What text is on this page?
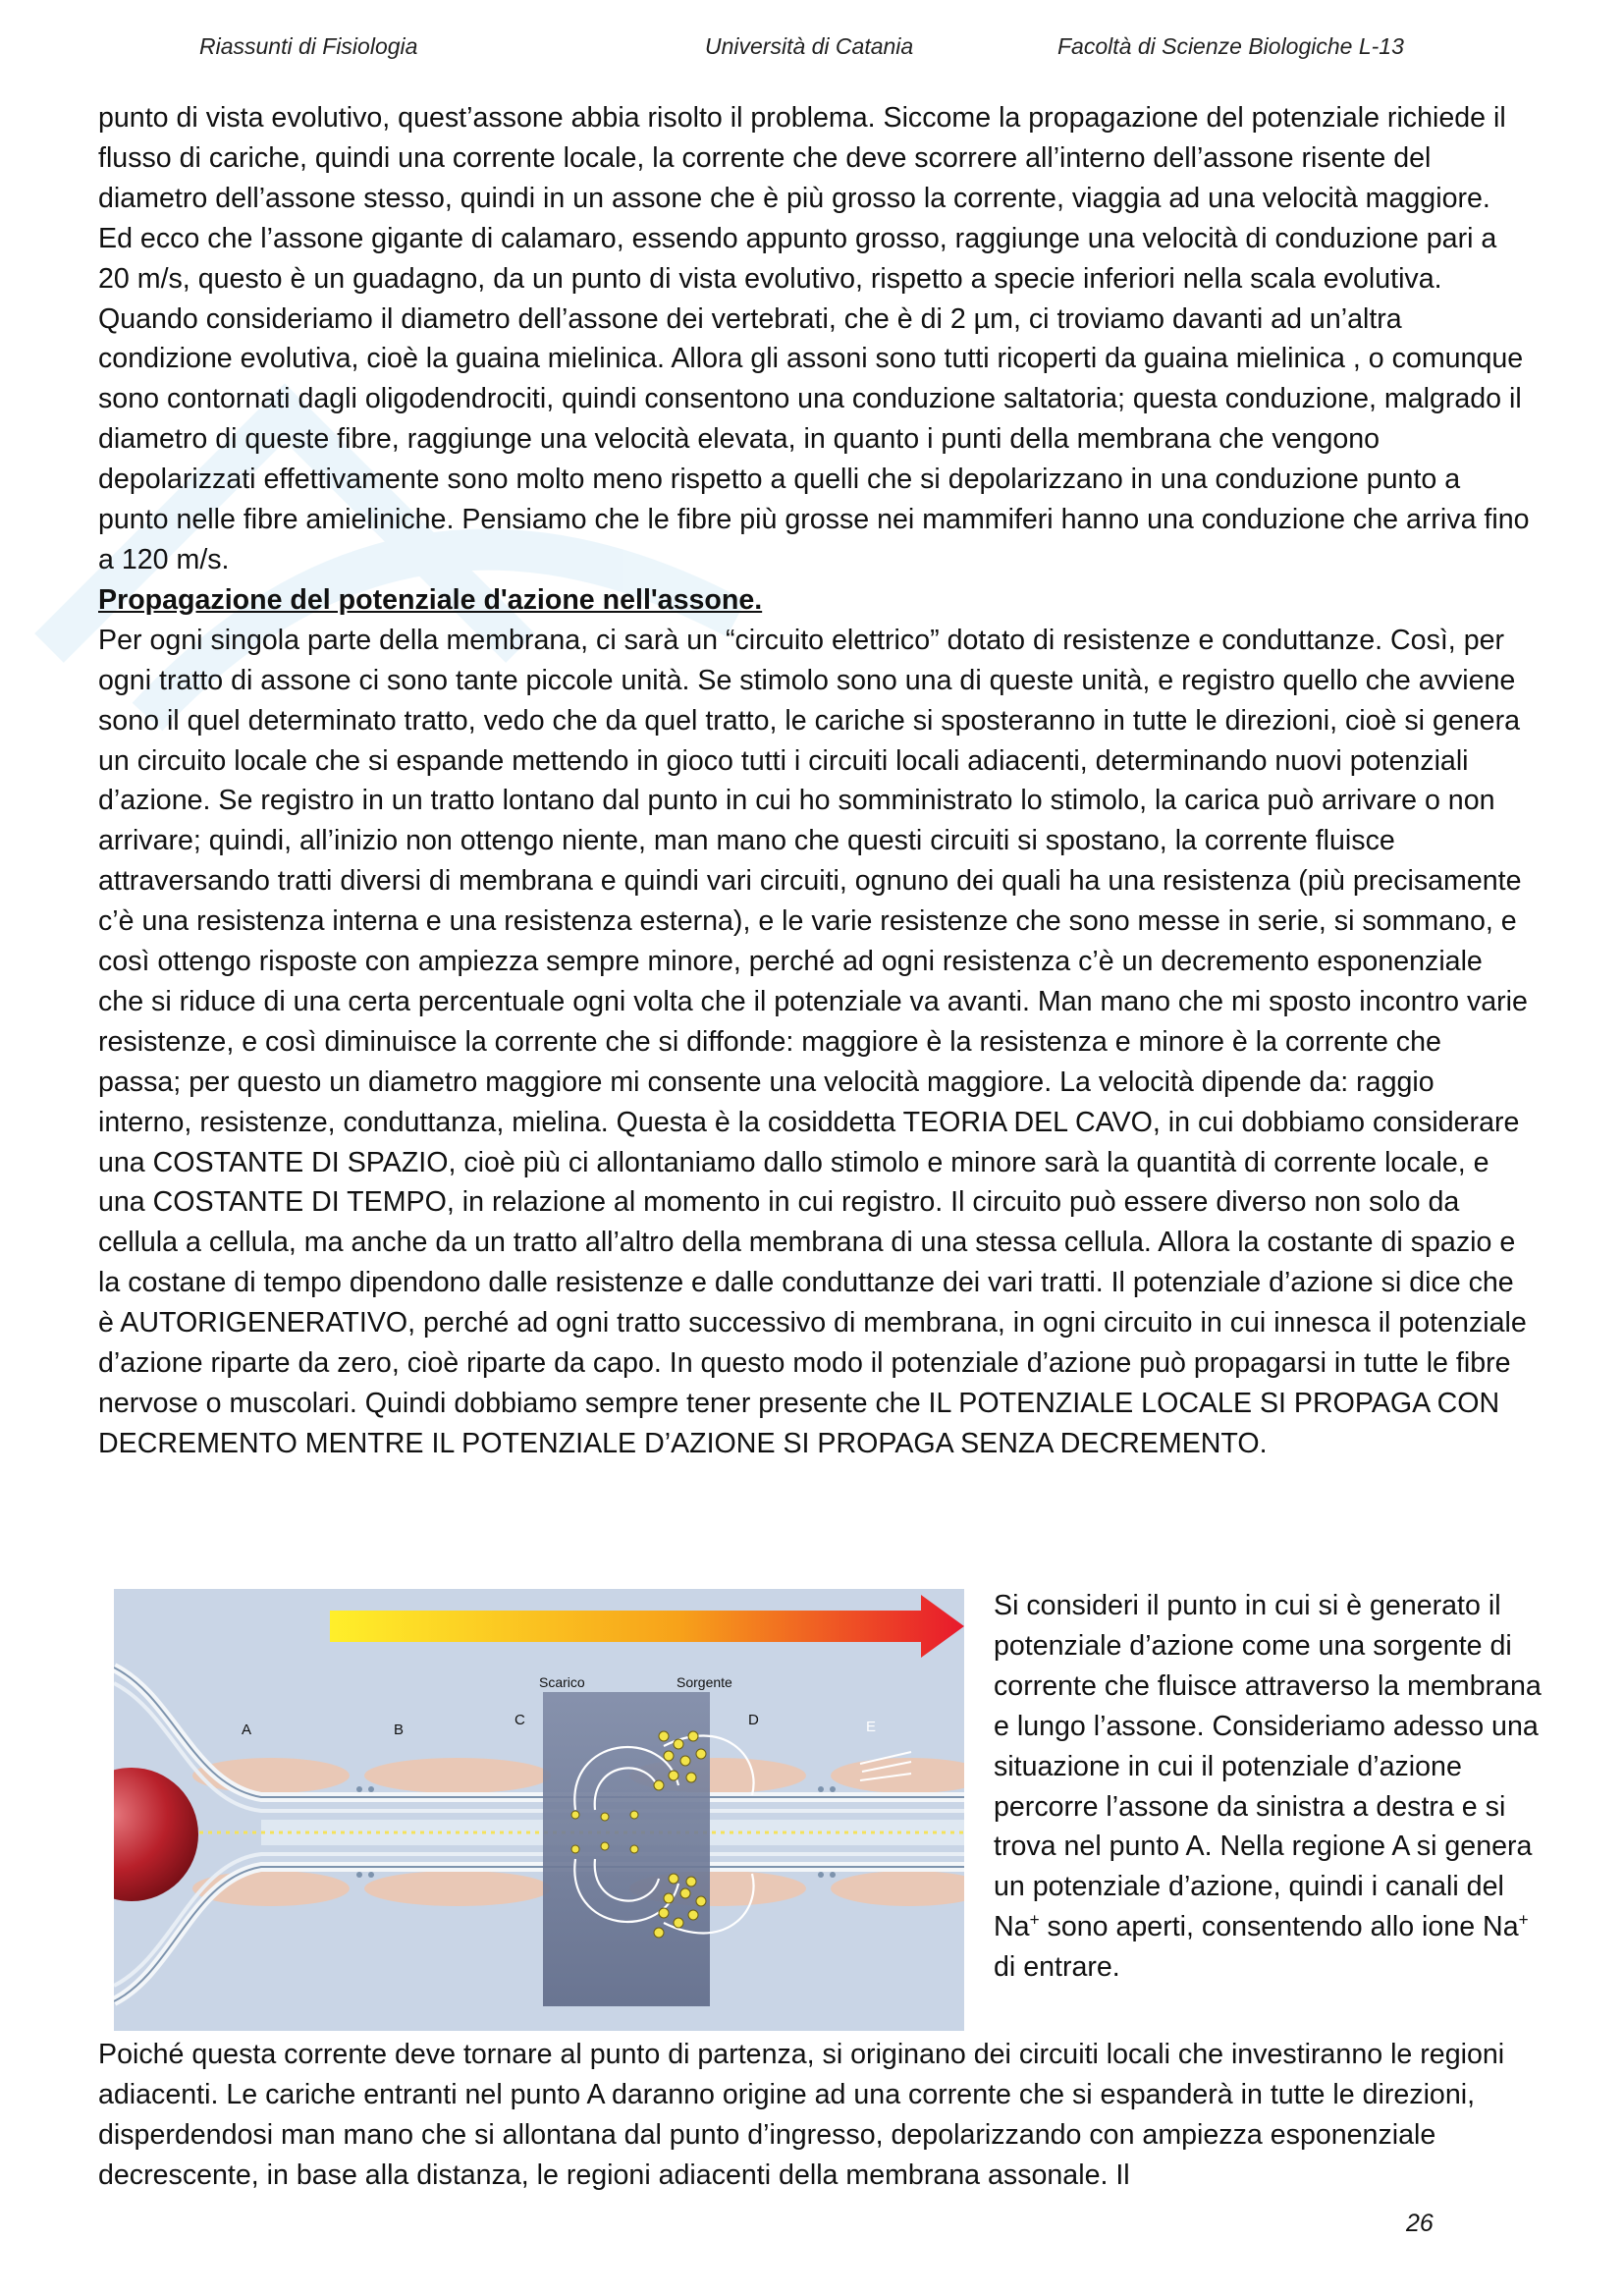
Riassunti di Fisiologia	Università di Catania	Facoltà di Scienze Biologiche L-13

punto di vista evolutivo, quest’assone abbia risolto il problema. Siccome la propagazione del potenziale richiede il flusso di cariche, quindi una corrente locale, la corrente che deve scorrere all’interno dell’assone risente del diametro dell’assone stesso, quindi in un assone che è più grosso la corrente, viaggia ad una velocità maggiore. Ed ecco che l’assone gigante di calamaro, essendo appunto grosso, raggiunge una velocità di conduzione pari a 20 m/s, questo è un guadagno, da un punto di vista evolutivo, rispetto a specie inferiori nella scala evolutiva. Quando consideriamo il diametro dell’assone dei vertebrati, che è di 2 µm, ci troviamo davanti ad un’altra condizione evolutiva, cioè la guaina mielinica. Allora gli assoni sono tutti ricoperti da guaina mielinica , o comunque sono contornati dagli oligodendrociti, quindi consentono una conduzione saltatoria; questa conduzione, malgrado il diametro di queste fibre, raggiunge una velocità elevata, in quanto i punti della membrana che vengono depolarizzati effettivamente sono molto meno rispetto a quelli che si depolarizzano in una conduzione punto a punto nelle fibre amieliniche. Pensiamo che le fibre più grosse nei mammiferi hanno una conduzione che arriva fino a 120 m/s.

Propagazione del potenziale d'azione nell'assone.

Per ogni singola parte della membrana, ci sarà un “circuito elettrico” dotato di resistenze e conduttanze. Così, per ogni tratto di assone ci sono tante piccole unità. Se stimolo sono una di queste unità, e registro quello che avviene sono il quel determinato tratto, vedo che da quel tratto, le cariche si sposteranno in tutte le direzioni, cioè si genera un circuito locale che si espande mettendo in gioco tutti i circuiti locali adiacenti, determinando nuovi potenziali d’azione. Se registro in un tratto lontano dal punto in cui ho somministrato lo stimolo, la carica può arrivare o non arrivare; quindi, all’inizio non ottengo niente, man mano che questi circuiti si spostano, la corrente fluisce attraversando tratti diversi di membrana e quindi vari circuiti, ognuno dei quali ha una resistenza (più precisamente c’è una resistenza interna e una resistenza esterna), e le varie resistenze che sono messe in serie, si sommano, e così ottengo risposte con ampiezza sempre minore, perché ad ogni resistenza c’è un decremento esponenziale che si riduce di una certa percentuale ogni volta che il potenziale va avanti. Man mano che mi sposto incontro varie resistenze, e così diminuisce la corrente che si diffonde: maggiore è la resistenza e minore è la corrente che passa; per questo un diametro maggiore mi consente una velocità maggiore. La velocità dipende da: raggio interno, resistenze, conduttanza, mielina. Questa è la cosiddetta TEORIA DEL CAVO, in cui dobbiamo considerare una COSTANTE DI SPAZIO, cioè più ci allontaniamo dallo stimolo e minore sarà la quantità di corrente locale, e una COSTANTE DI TEMPO, in relazione al momento in cui registro. Il circuito può essere diverso non solo da cellula a cellula, ma anche da un tratto all’altro della membrana di una stessa cellula. Allora la costante di spazio e la costane di tempo dipendono dalle resistenze e dalle conduttanze dei vari tratti. Il potenziale d’azione si dice che è AUTORIGENERATIVO, perché ad ogni tratto successivo di membrana, in ogni circuito in cui innesca il potenziale d’azione riparte da zero, cioè riparte da capo. In questo modo il potenziale d’azione può propagarsi in tutte le fibre nervose o muscolari. Quindi dobbiamo sempre tener presente che IL POTENZIALE LOCALE SI PROPAGA CON DECREMENTO MENTRE IL POTENZIALE D’AZIONE SI PROPAGA SENZA DECREMENTO.

A	B
C	D	E
Scarico	Sorgente

Si consideri il punto in cui si è generato il potenziale d’azione come una sorgente di corrente che fluisce attraverso la membrana e lungo l’assone. Consideriamo adesso una situazione in cui il potenziale d’azione percorre l’assone da sinistra a destra e si trova nel punto A. Nella regione A si genera un potenziale d’azione, quindi i canali del Na+ sono aperti, consentendo allo ione Na+ di entrare.

Poiché questa corrente deve tornare al punto di partenza, si originano dei circuiti locali che investiranno le regioni adiacenti. Le cariche entranti nel punto A daranno origine ad una corrente che si espanderà in tutte le direzioni, disperdendosi man mano che si allontana dal punto d’ingresso, depolarizzando con ampiezza esponenziale decrescente, in base alla distanza, le regioni adiacenti della membrana assonale. Il

26
